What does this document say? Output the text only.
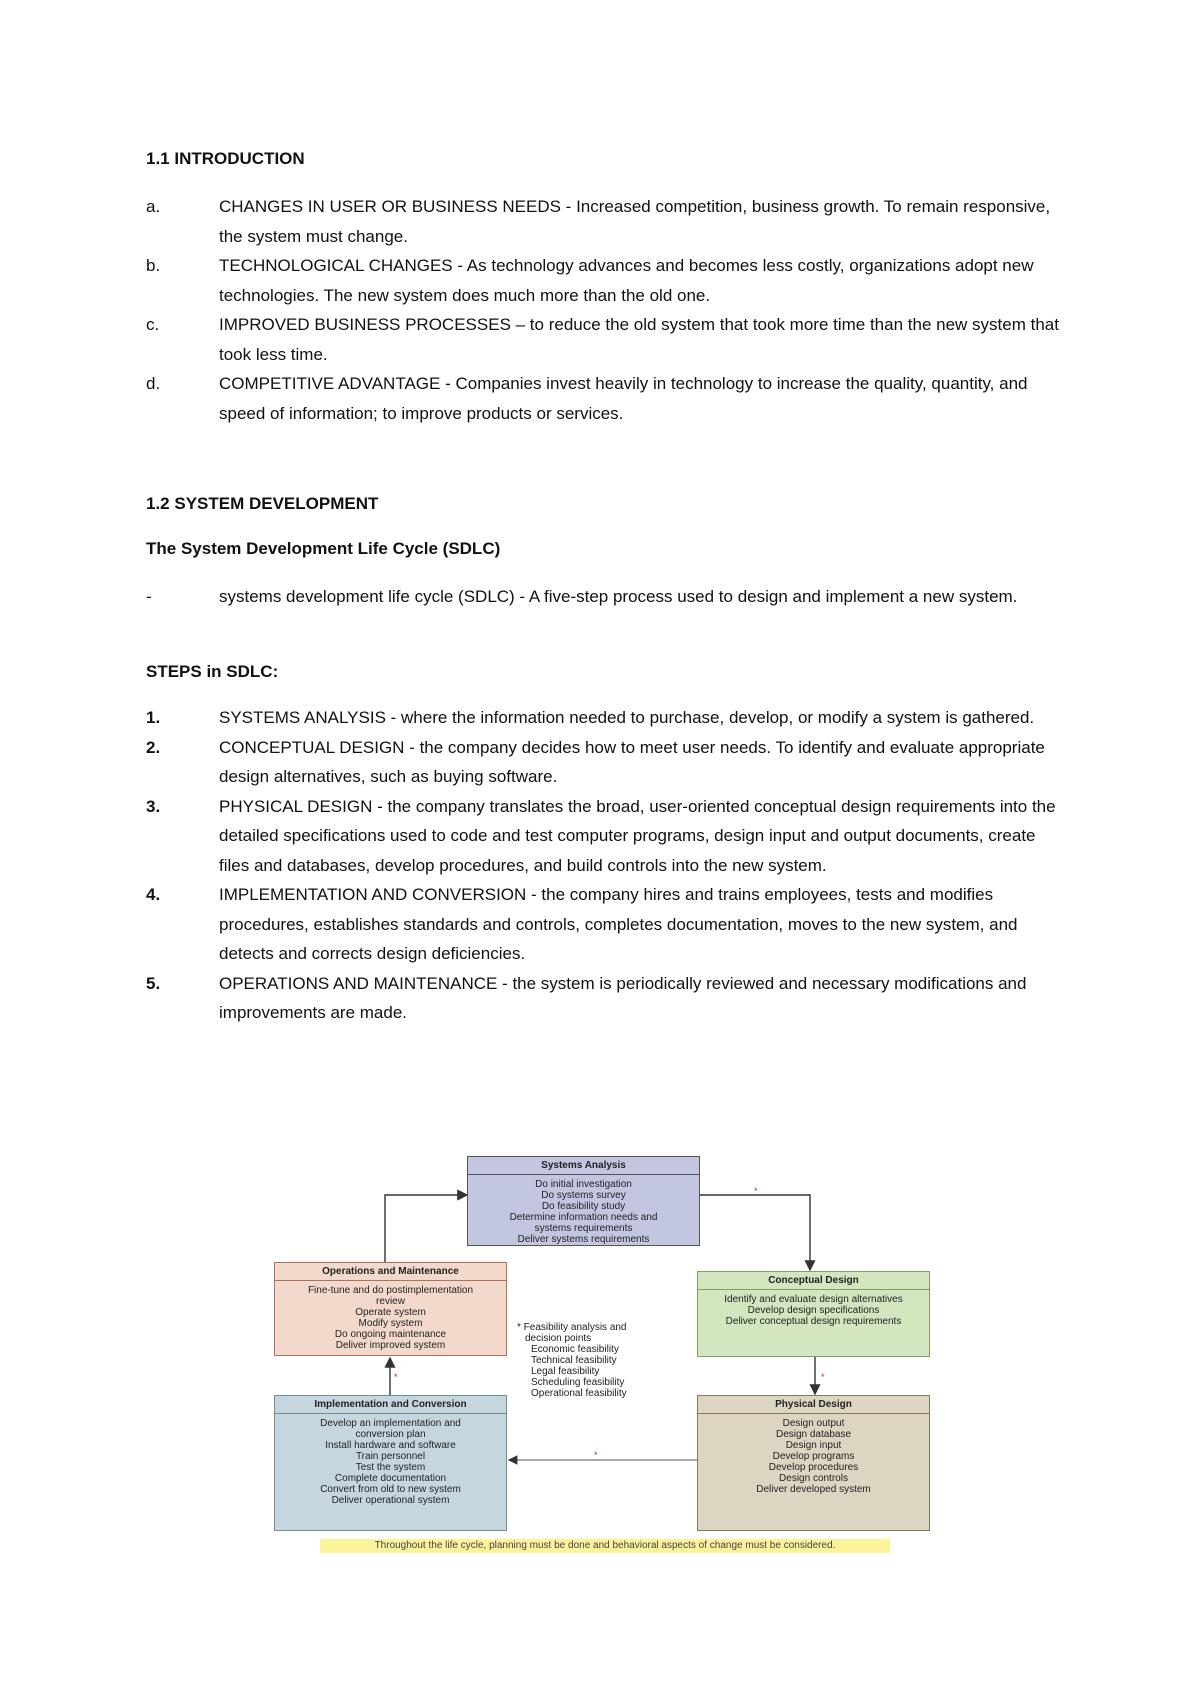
1.1 INTRODUCTION
a.	CHANGES IN USER OR BUSINESS NEEDS - Increased competition, business growth. To remain responsive, the system must change.
b.	TECHNOLOGICAL CHANGES - As technology advances and becomes less costly, organizations adopt new technologies. The new system does much more than the old one.
c.	IMPROVED BUSINESS PROCESSES – to reduce the old system that took more time than the new system that took less time.
d.	COMPETITIVE ADVANTAGE - Companies invest heavily in technology to increase the quality, quantity, and speed of information; to improve products or services.
1.2 SYSTEM DEVELOPMENT
The System Development Life Cycle (SDLC)
-	systems development life cycle (SDLC) - A five-step process used to design and implement a new system.
STEPS in SDLC:
1.	SYSTEMS ANALYSIS - where the information needed to purchase, develop, or modify a system is gathered.
2.	CONCEPTUAL DESIGN - the company decides how to meet user needs. To identify and evaluate appropriate design alternatives, such as buying software.
3.	PHYSICAL DESIGN - the company translates the broad, user-oriented conceptual design requirements into the detailed specifications used to code and test computer programs, design input and output documents, create files and databases, develop procedures, and build controls into the new system.
4.	IMPLEMENTATION AND CONVERSION - the company hires and trains employees, tests and modifies procedures, establishes standards and controls, completes documentation, moves to the new system, and detects and corrects design deficiencies.
5.	OPERATIONS AND MAINTENANCE - the system is periodically reviewed and necessary modifications and improvements are made.
*
*
*
*
Systems Analysis
Do initial investigation
Do systems survey
Do feasibility study
Determine information needs and
systems requirements
Deliver systems requirements
Operations and Maintenance
Fine-tune and do postimplementation
review
Operate system
Modify system
Do ongoing maintenance
Deliver improved system
Conceptual Design
Identify and evaluate design alternatives
Develop design specifications
Deliver conceptual design requirements
* Feasibility analysis and
decision points
Economic feasibility
Technical feasibility
Legal feasibility
Scheduling feasibility
Operational feasibility
Implementation and Conversion
Develop an implementation and
conversion plan
Install hardware and software
Train personnel
Test the system
Complete documentation
Convert from old to new system
Deliver operational system
Physical Design
Design output
Design database
Design input
Develop programs
Develop procedures
Design controls
Deliver developed system
Throughout the life cycle, planning must be done and behavioral aspects of change must be considered.
